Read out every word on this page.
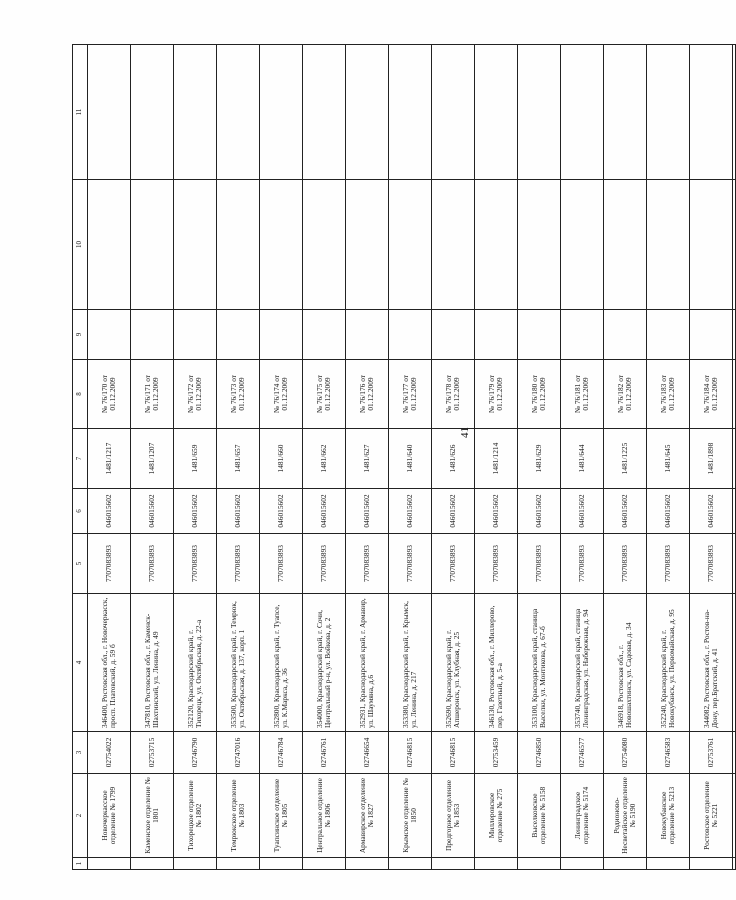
41
1	2	3	4	5	6	7	8	9	10	11
	Новочеркасское отделение № 1799	02754022	346400, Ростовская обл., г. Новочеркасск, просп. Платовский, д. 59 б	7707083893	046015602	1481/1217	№ 76/170 от 01.12.2009			
	Каменское отделение № 1801	02753715	347810, Ростовская обл., г. Каменск-Шахтинский, ул. Ленина, д. 49	7707083893	046015602	1481/1207	№ 76/171 от 01.12.2009			
	Тихорецкое отделение № 1802	02746790	352120, Краснодарский край, г. Тихорецк, ул. Октябрьская, д. 22-а	7707083893	046015602	1481/659	№ 76/172 от 01.12.2009			
	Темрюкское отделение № 1803	02747016	353500, Краснодарский край, г. Темрюк, ул. Октябрьская, д. 137, корп. 1	7707083893	046015602	1481/657	№ 76/173 от 01.12.2009			
	Туапсинское отделение № 1805	02746784	352800, Краснодарский край, г. Туапсе, ул. К.Маркса, д. 36	7707083893	046015602	1481/660	№ 76/174 от 01.12.2009			
	Центральное отделение № 1806	02746761	354000, Краснодарский край, г. Сочи, Центральный р-н, ул. Войкова, д. 2	7707083893	046015602	1481/662	№ 76/175 от 01.12.2009			
	Армавирское отделение № 1827	02746654	352931, Краснодарский край, г. Армавир, ул. Шаумяна, д.6	7707083893	046015602	1481/627	№ 76/176 от 01.12.2009			
	Крымское отделение № 1850	02746815	353380, Краснодарский край, г. Крымск, ул. Ленина, д. 217	7707083893	046015602	1481/640	№ 76/177 от 01.12.2009			
	Предгорное отделение № 1853	02746815	352690, Краснодарский край, г. Апшеронск, ул. Клубная, д. 25	7707083893	046015602	1481/626	№ 76/178 от 01.12.2009			
	Миллеровское отделение № 275	02753459	346130, Ростовская обл., г. Миллерово, пер. Газетный, д. 5-а	7707083893	046015602	1481/1214	№ 76/179 от 01.12.2009			
	Выселковское отделение № 5158	02746850	353100, Краснодарский край, станица Выселки, ул. Монтикова, д. 67-б	7707083893	046015602	1481/629	№ 76/180 от 01.12.2009			
	Ленинградское отделение № 5174	02746577	353740, Краснодарский край, станица Ленинградская, ул. Набережная, д. 94	7707083893	046015602	1481/644	№ 76/181 от 01.12.2009			
	Родионово-Несветайское отделение № 5190	02754080	346918, Ростовская обл., г. Новошахтинск, ул. Садовая, д. 34	7707083893	046015602	1481/1225	№ 76/182 от 01.12.2009			
	Новокубанское отделение № 5213	02746583	352240, Краснодарский край, г. Новокубанск, ул. Первомайская, д. 95	7707083893	046015602	1481/645	№ 76/183 от 01.12.2009			
	Ростовское отделение № 5221	02753761	344082, Ростовская обл., г. Ростов-на-Дону, пер.Братский, д. 41	7707083893	046015602	1481/1898	№ 76/184 от 01.12.2009			
